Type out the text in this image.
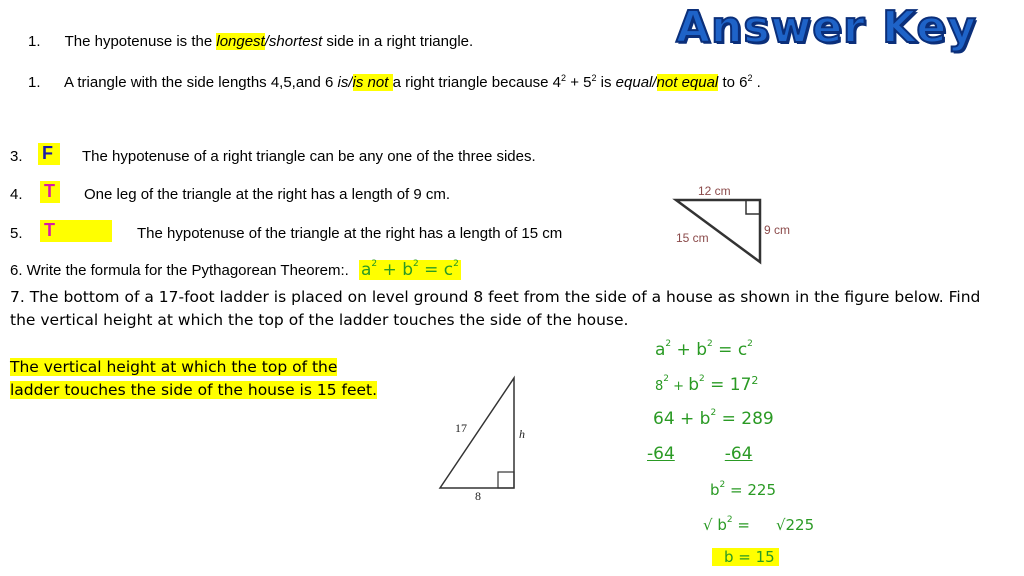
Answer Key
1. The hypotenuse is the longest/shortest side in a right triangle.
1. A triangle with the side lengths 4,5,and 6 is/is not a right triangle because $4^2 + 5^2$ is equal/not equal to $6^2$ .
3. F	The hypotenuse of a right triangle can be any one of the three sides.
4. T	One leg of the triangle at the right has a length of 9 cm.
5. T	The hypotenuse of the triangle at the right has a length of 15 cm
12 cm
9 cm
15 cm
6. Write the formula for the Pythagorean Theorem:. $a^2 + b^2 = c^2$
7. The bottom of a 17-foot ladder is placed on level ground 8 feet from the side of a house as shown in the figure below. Find
the vertical height at which the top of the ladder touches the side of the house.
The vertical height at which the top of the
ladder touches the side of the house is 15 feet.
17	h
8
$a^2 + b^2 = c^2$
$8^2 + b^2 = 17^2$
$64 + b^2 = 289$
-64	-64
$b^2 = 225$
√ $b^2 = √225$
b = 15
